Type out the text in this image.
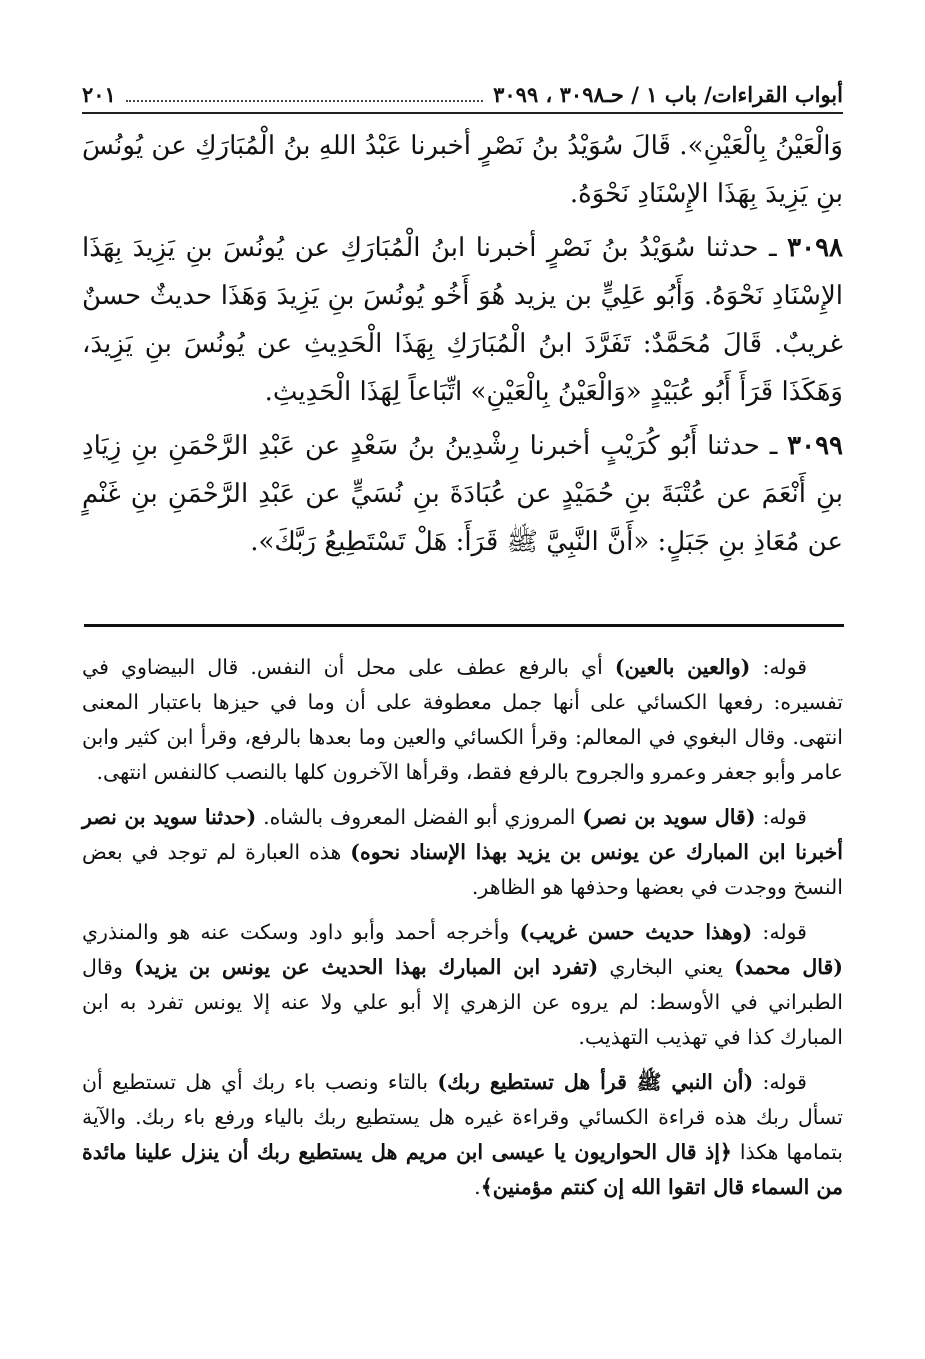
أبواب القراءات/ باب ١ / حـ٣٠٩٨ ، ٣٠٩٩
٢٠١

وَالْعَيْنُ بِالْعَيْنِ». قَالَ سُوَيْدُ بنُ نَصْرٍ أخبرنا عَبْدُ اللهِ بنُ الْمُبَارَكِ عن يُونُسَ بنِ يَزِيدَ بِهَذَا الإِسْنَادِ نَحْوَهُ.

٣٠٩٨ ـ حدثنا سُوَيْدُ بنُ نَصْرٍ أخبرنا ابنُ الْمُبَارَكِ عن يُونُسَ بنِ يَزِيدَ بِهَذَا الإِسْنَادِ نَحْوَهُ. وَأَبُو عَلِيٍّ بن يزيد هُوَ أَخُو يُونُسَ بنِ يَزِيدَ وَهَذَا حديثٌ حسنٌ غريبٌ. قَالَ مُحَمَّدٌ: تَفَرَّدَ ابنُ الْمُبَارَكِ بِهَذَا الْحَدِيثِ عن يُونُسَ بنِ يَزِيدَ، وَهَكَذَا قَرَأَ أَبُو عُبَيْدٍ «وَالْعَيْنُ بِالْعَيْنِ» اتِّبَاعاً لِهَذَا الْحَدِيثِ.

٣٠٩٩ ـ حدثنا أَبُو كُرَيْبٍ أخبرنا رِشْدِينُ بنُ سَعْدٍ عن عَبْدِ الرَّحْمَنِ بنِ زِيَادِ بنِ أَنْعَمَ عن عُتْبَةَ بنِ حُمَيْدٍ عن عُبَادَةَ بنِ نُسَيٍّ عن عَبْدِ الرَّحْمَنِ بنِ غَنْمٍ عن مُعَاذِ بنِ جَبَلٍ: «أَنَّ النَّبِيَّ ﷺ قَرَأَ: هَلْ تَسْتَطِيعُ رَبَّكَ».

قوله: (والعين بالعين) أي بالرفع عطف على محل أن النفس. قال البيضاوي في تفسيره: رفعها الكسائي على أنها جمل معطوفة على أن وما في حيزها باعتبار المعنى انتهى. وقال البغوي في المعالم: وقرأ الكسائي والعين وما بعدها بالرفع، وقرأ ابن كثير وابن عامر وأبو جعفر وعمرو والجروح بالرفع فقط، وقرأها الآخرون كلها بالنصب كالنفس انتهى.

قوله: (قال سويد بن نصر) المروزي أبو الفضل المعروف بالشاه. (حدثنا سويد بن نصر أخبرنا ابن المبارك عن يونس بن يزيد بهذا الإسناد نحوه) هذه العبارة لم توجد في بعض النسخ ووجدت في بعضها وحذفها هو الظاهر.

قوله: (وهذا حديث حسن غريب) وأخرجه أحمد وأبو داود وسكت عنه هو والمنذري (قال محمد) يعني البخاري (تفرد ابن المبارك بهذا الحديث عن يونس بن يزيد) وقال الطبراني في الأوسط: لم يروه عن الزهري إلا أبو علي ولا عنه إلا يونس تفرد به ابن المبارك كذا في تهذيب التهذيب.

قوله: (أن النبي ﷺ قرأ هل تستطيع ربك) بالتاء ونصب باء ربك أي هل تستطيع أن تسأل ربك هذه قراءة الكسائي وقراءة غيره هل يستطيع ربك بالياء ورفع باء ربك. والآية بتمامها هكذا ﴿إذ قال الحواريون يا عيسى ابن مريم هل يستطيع ربك أن ينزل علينا مائدة من السماء قال اتقوا الله إن كنتم مؤمنين﴾.
